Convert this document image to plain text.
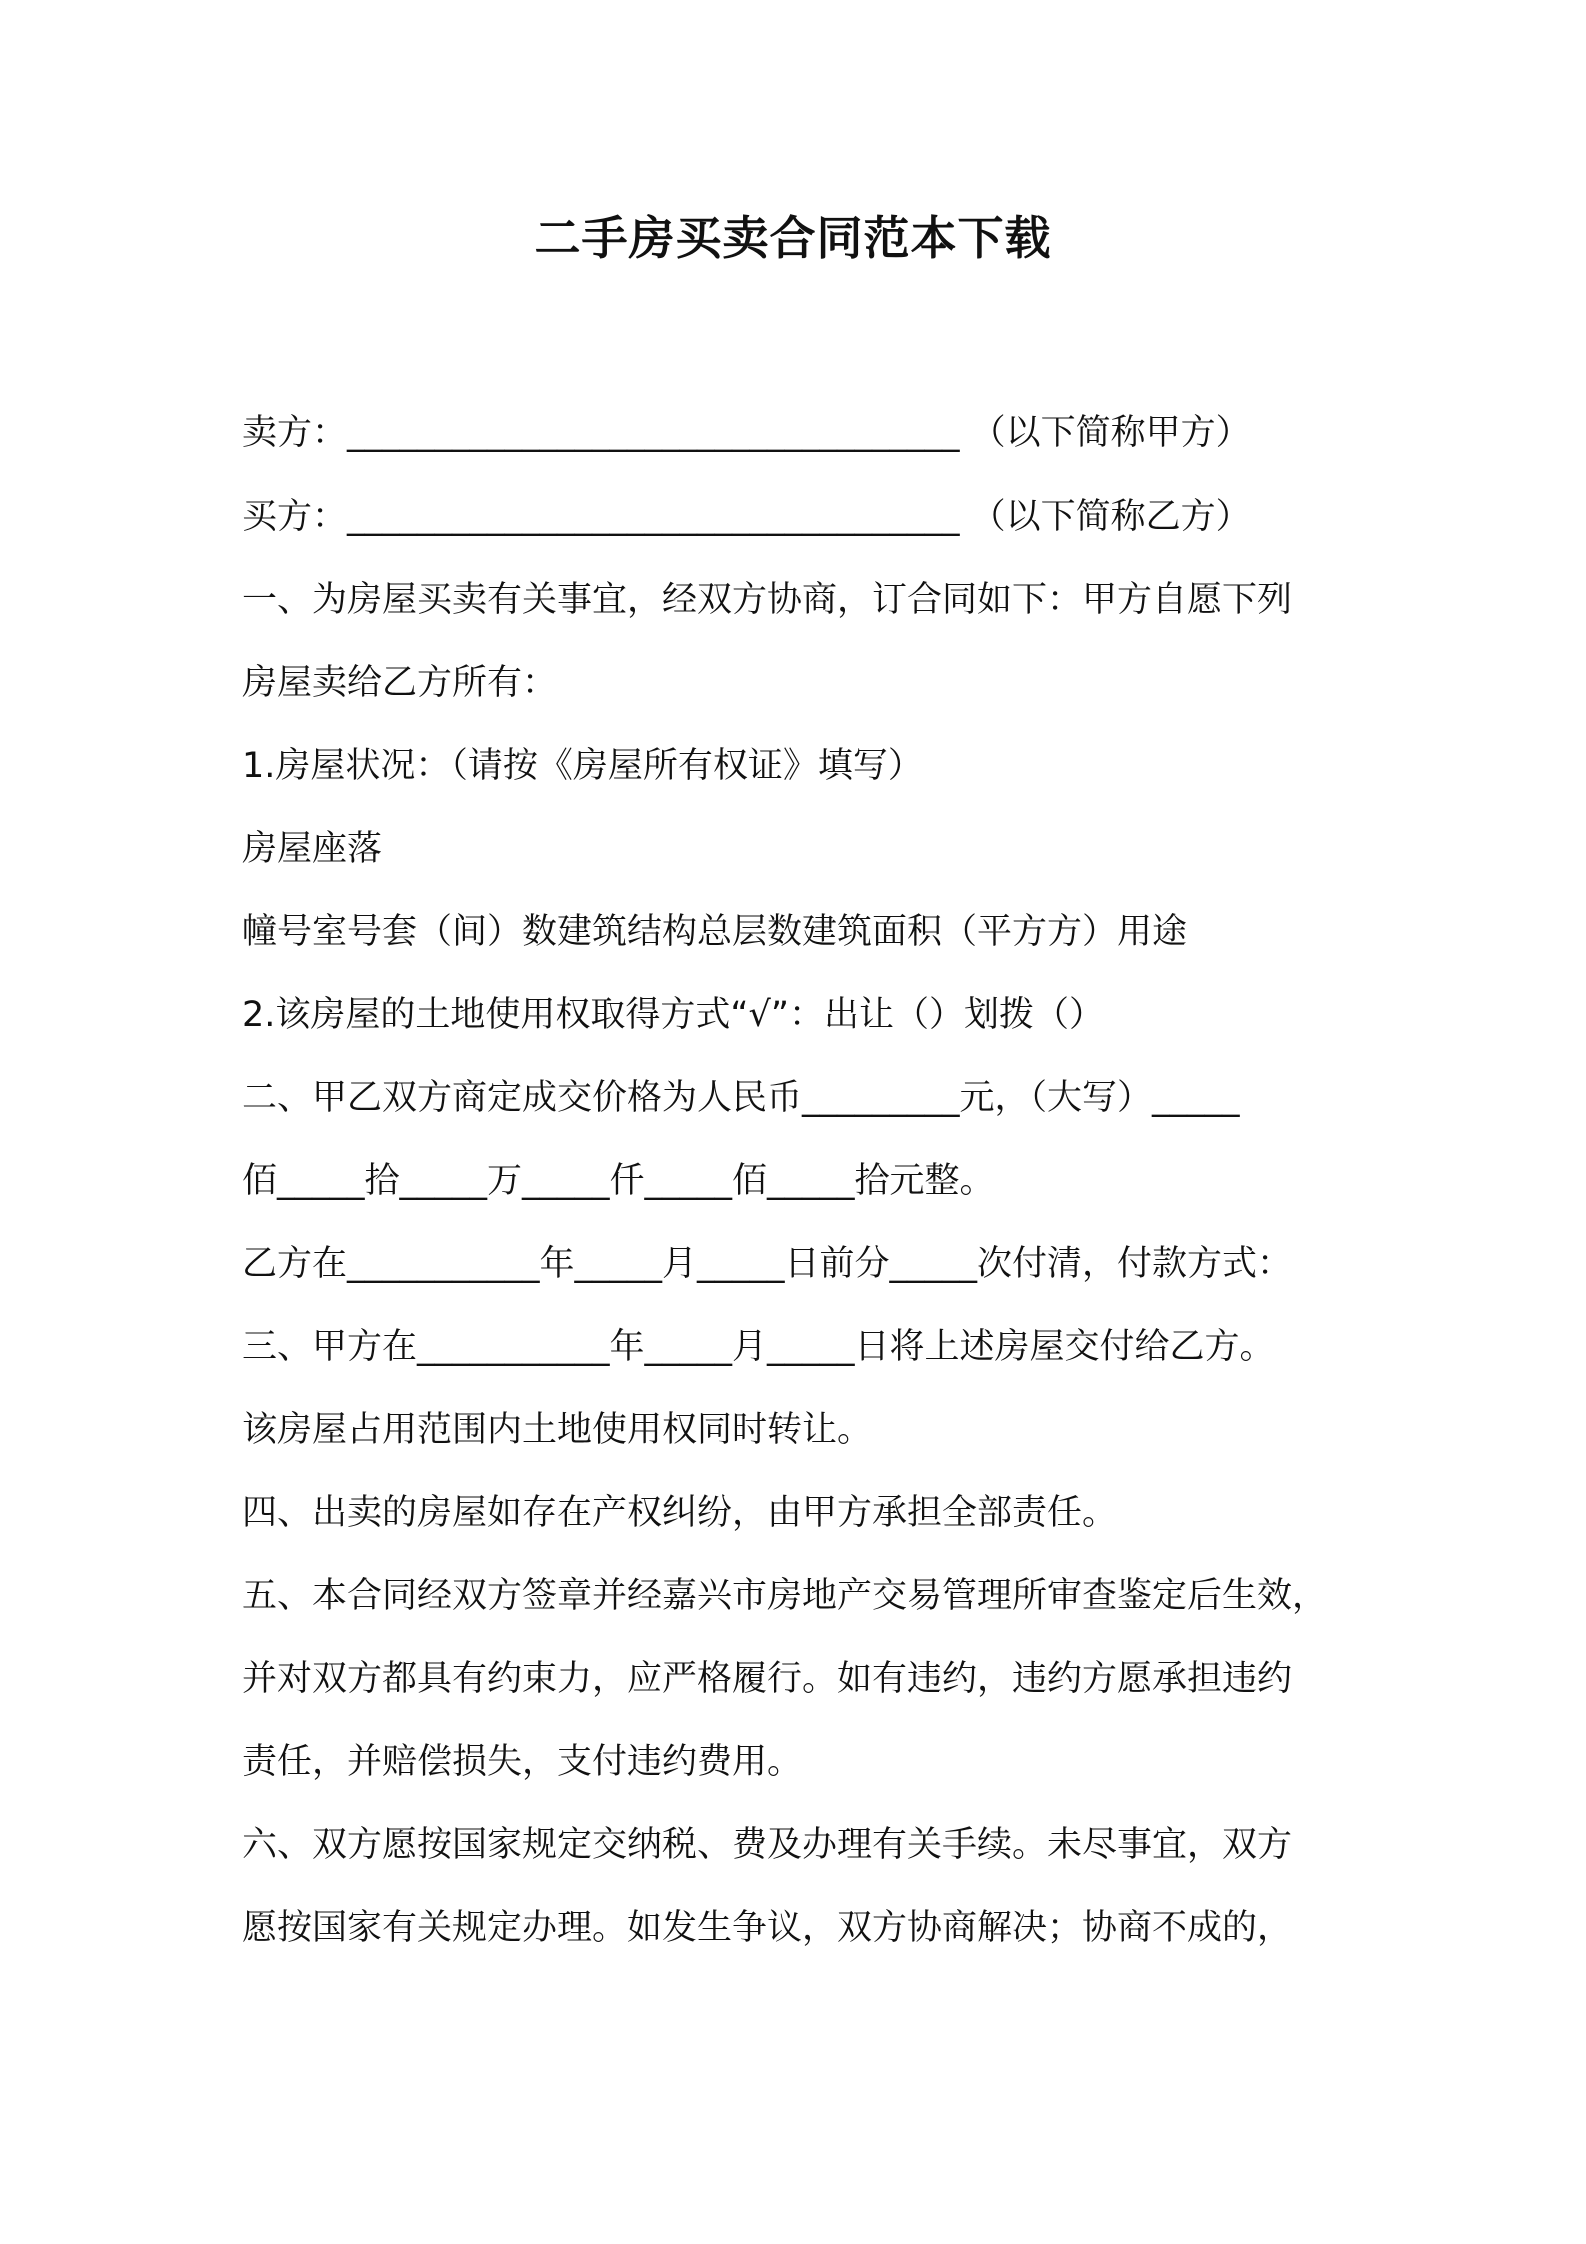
二手房买卖合同范本下载
卖方：___________________________________ （以下简称甲方）
买方：___________________________________ （以下简称乙方）
一、为房屋买卖有关事宜，经双方协商，订合同如下：甲方自愿下列
房屋卖给乙方所有：
1.房屋状况：（请按《房屋所有权证》填写）
房屋座落
幢号室号套（间）数建筑结构总层数建筑面积（平方方）用途
2.该房屋的土地使用权取得方式“√”：出让（）划拨（）
二、甲乙双方商定成交价格为人民币_________元，（大写）_____
佰_____拾_____万_____仟_____佰_____拾元整。
乙方在___________年_____月_____日前分_____次付清，付款方式：
三、甲方在___________年_____月_____日将上述房屋交付给乙方。
该房屋占用范围内土地使用权同时转让。
四、出卖的房屋如存在产权纠纷，由甲方承担全部责任。
五、本合同经双方签章并经嘉兴市房地产交易管理所审查鉴定后生效，
并对双方都具有约束力，应严格履行。如有违约，违约方愿承担违约
责任，并赔偿损失，支付违约费用。
六、双方愿按国家规定交纳税、费及办理有关手续。未尽事宜，双方
愿按国家有关规定办理。如发生争议，双方协商解决；协商不成的，
